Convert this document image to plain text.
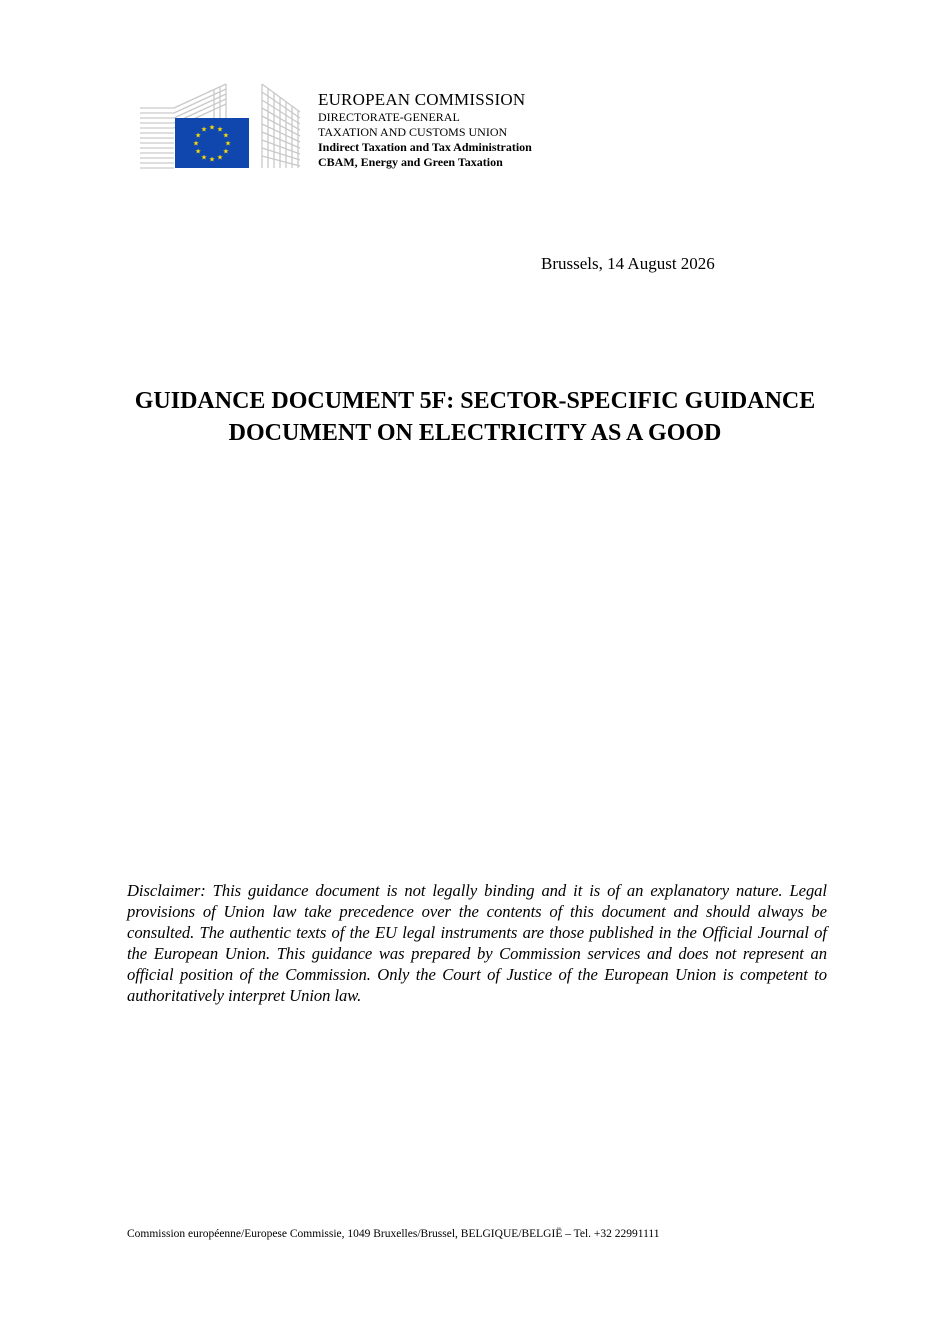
★ ★
★
★
★
★
★
★
★
★
★
★
EUROPEAN COMMISSION
DIRECTORATE-GENERAL
TAXATION AND CUSTOMS UNION
Indirect Taxation and Tax Administration
CBAM, Energy and Green Taxation
Brussels, 14 August 2026
GUIDANCE DOCUMENT 5F: SECTOR-SPECIFIC GUIDANCE
DOCUMENT ON ELECTRICITY AS A GOOD
Disclaimer: This guidance document is not legally binding and it is of an explanatory nature. Legal provisions of Union law take precedence over the contents of this document and should always be consulted. The authentic texts of the EU legal instruments are those published in the Official Journal of the European Union. This guidance was prepared by Commission services and does not represent an official position of the Commission. Only the Court of Justice of the European Union is competent to authoritatively interpret Union law.
Commission européenne/Europese Commissie, 1049 Bruxelles/Brussel, BELGIQUE/BELGIË – Tel. +32 22991111
